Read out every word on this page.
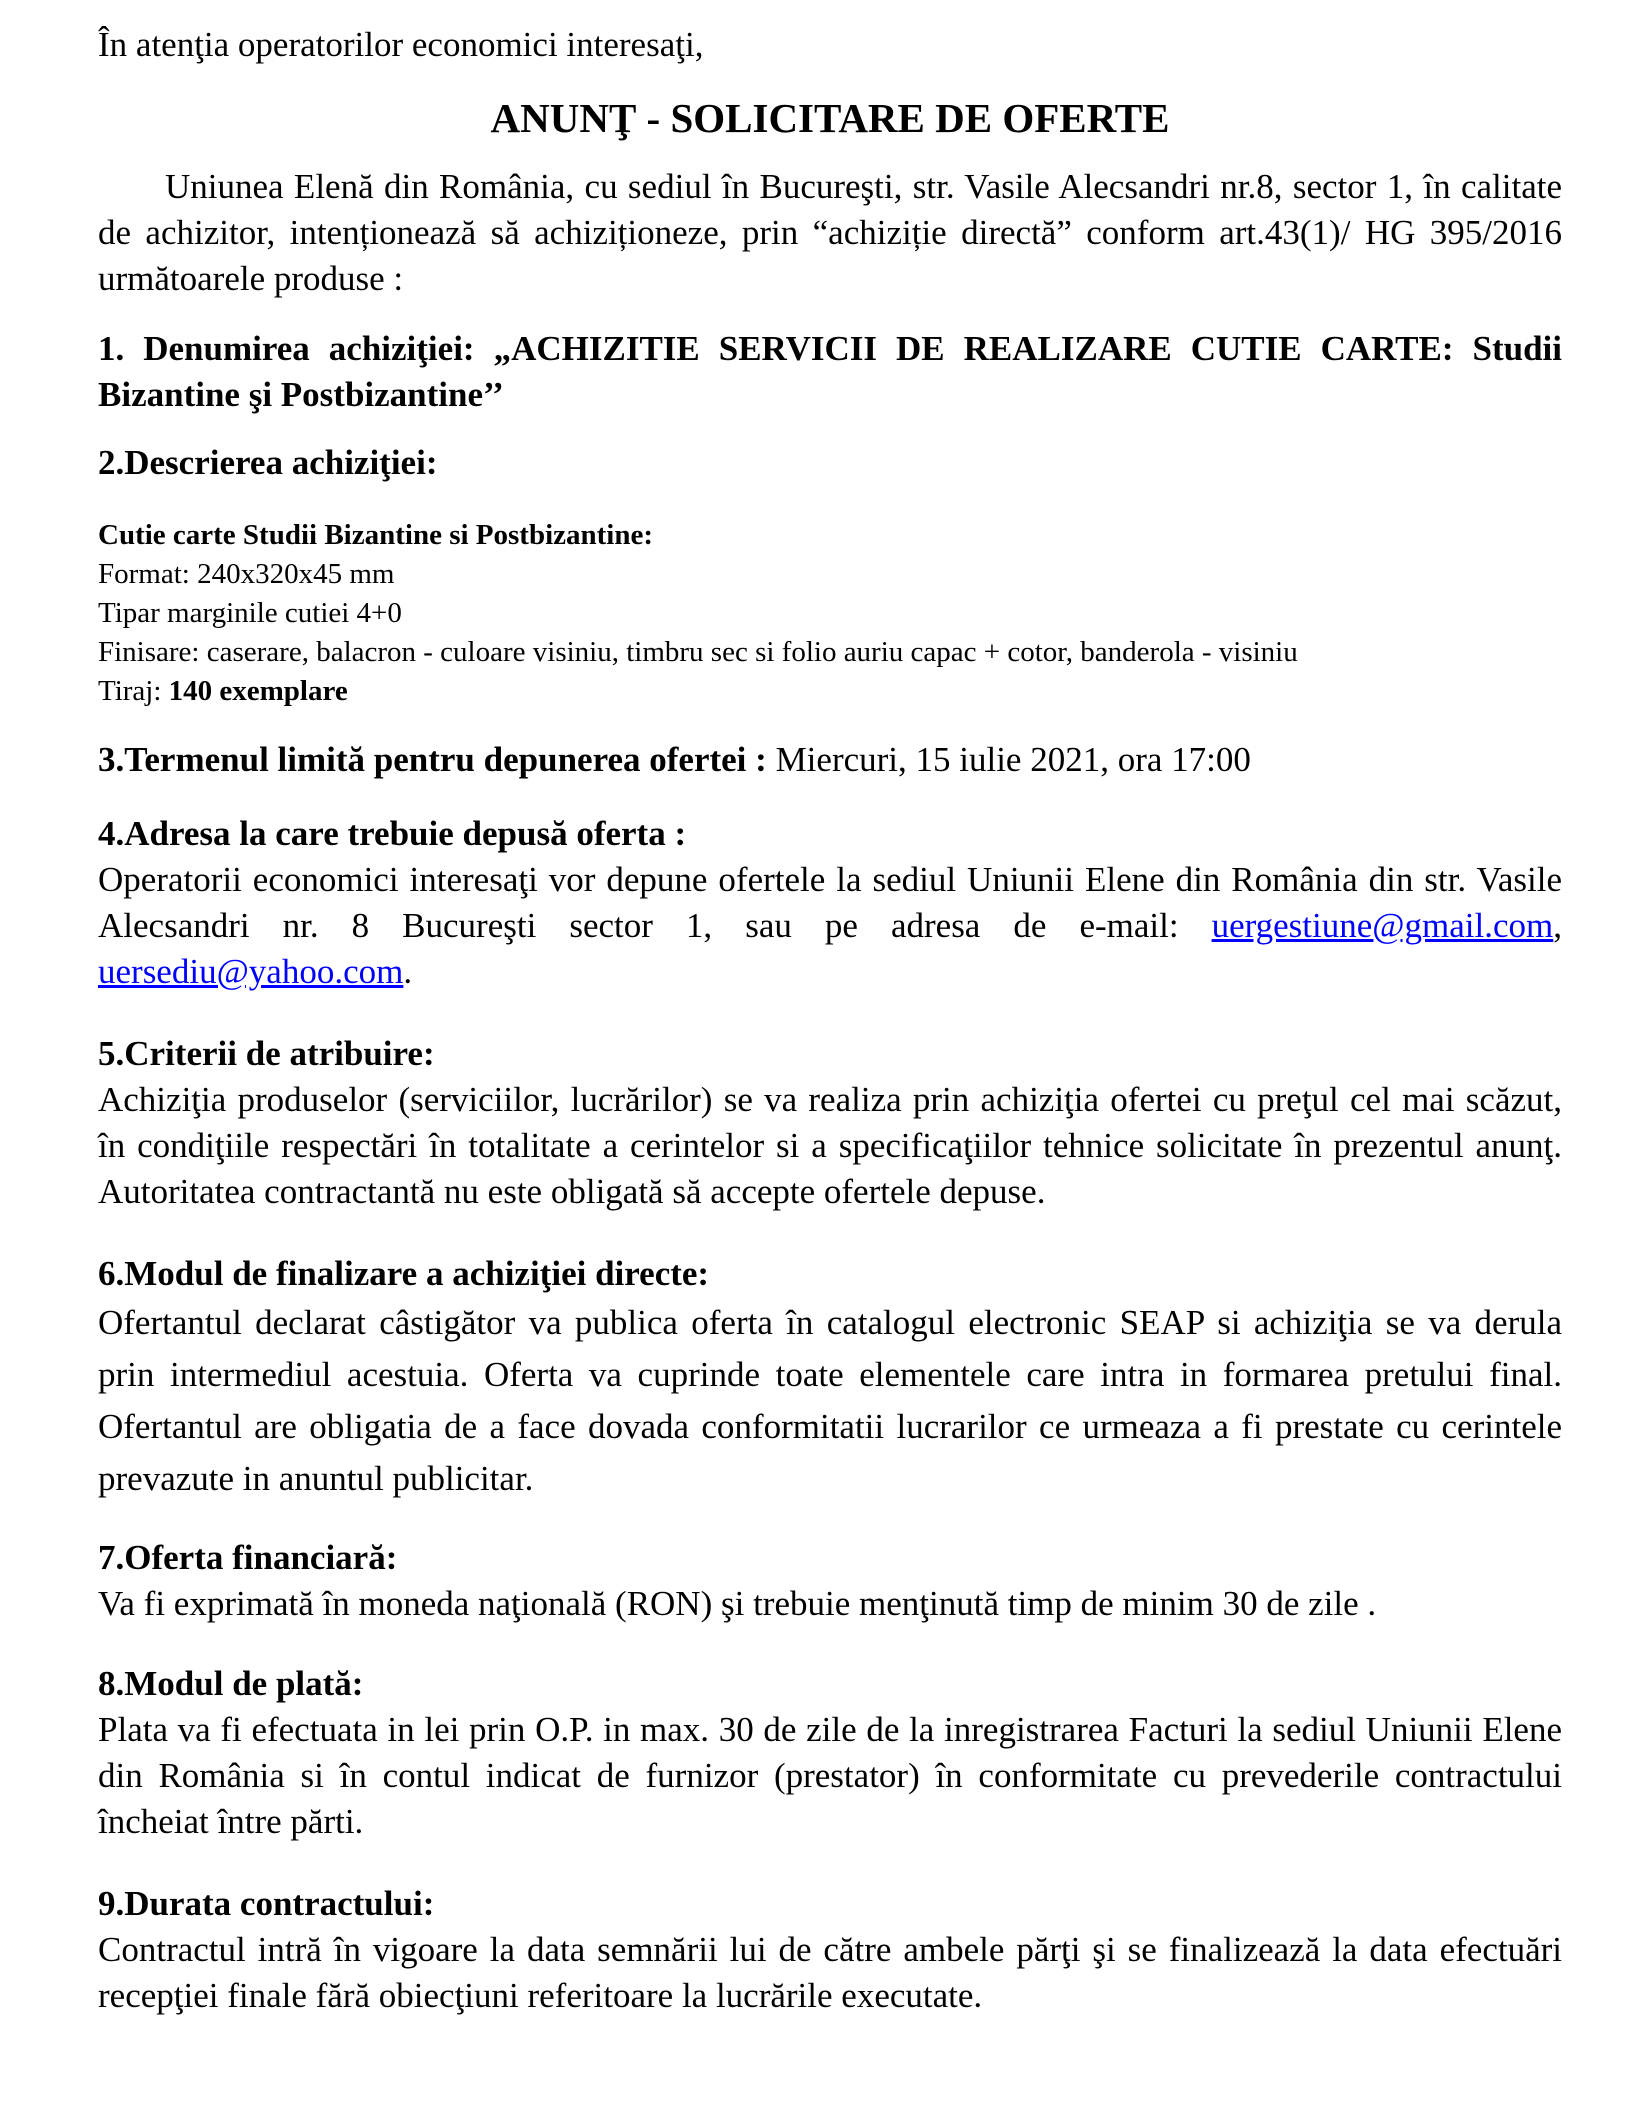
În atenţia operatorilor economici interesaţi,

ANUNŢ - SOLICITARE DE OFERTE

Uniunea Elenă din România, cu sediul în Bucureşti, str. Vasile Alecsandri nr.8, sector 1, în calitate de achizitor, intenționează să achiziționeze, prin “achiziție directă” conform art.43(1)/ HG 395/2016 următoarele produse :

1. Denumirea achiziţiei: „ACHIZITIE SERVICII DE REALIZARE CUTIE CARTE: Studii Bizantine şi Postbizantine’’

2.Descrierea achiziţiei:

Cutie carte Studii Bizantine si Postbizantine:
Format: 240x320x45 mm
Tipar marginile cutiei 4+0
Finisare: caserare, balacron - culoare visiniu, timbru sec si folio auriu capac + cotor, banderola - visiniu
Tiraj: 140 exemplare

3.Termenul limită pentru depunerea ofertei : Miercuri, 15 iulie 2021, ora 17:00

4.Adresa la care trebuie depusă oferta :

Operatorii economici interesaţi vor depune ofertele la sediul Uniunii Elene din România din str. Vasile Alecsandri nr. 8 Bucureşti sector 1, sau pe adresa de e-mail: uergestiune@gmail.com, uersediu@yahoo.com.

5.Criterii de atribuire:

Achiziţia produselor (serviciilor, lucrărilor) se va realiza prin achiziţia ofertei cu preţul cel mai scăzut, în condiţiile respectări în totalitate a cerintelor si a specificaţiilor tehnice solicitate în prezentul anunţ. Autoritatea contractantă nu este obligată să accepte ofertele depuse.

6.Modul de finalizare a achiziţiei directe:

Ofertantul declarat câstigător va publica oferta în catalogul electronic SEAP si achiziţia se va derula prin intermediul acestuia. Oferta va cuprinde toate elementele care intra in formarea pretului final. Ofertantul are obligatia de a face dovada conformitatii lucrarilor ce urmeaza a fi prestate cu cerintele prevazute in anuntul publicitar.

7.Oferta financiară:

Va fi exprimată în moneda naţională (RON) şi trebuie menţinută timp de minim 30 de zile .

8.Modul de plată:

Plata va fi efectuata in lei prin O.P. in max. 30 de zile de la inregistrarea Facturi la sediul Uniunii Elene din România si în contul indicat de furnizor (prestator) în conformitate cu prevederile contractului încheiat între părti.

9.Durata contractului:

Contractul intră în vigoare la data semnării lui de către ambele părţi şi se finalizează la data efectuări recepţiei finale fără obiecţiuni referitoare la lucrările executate.
